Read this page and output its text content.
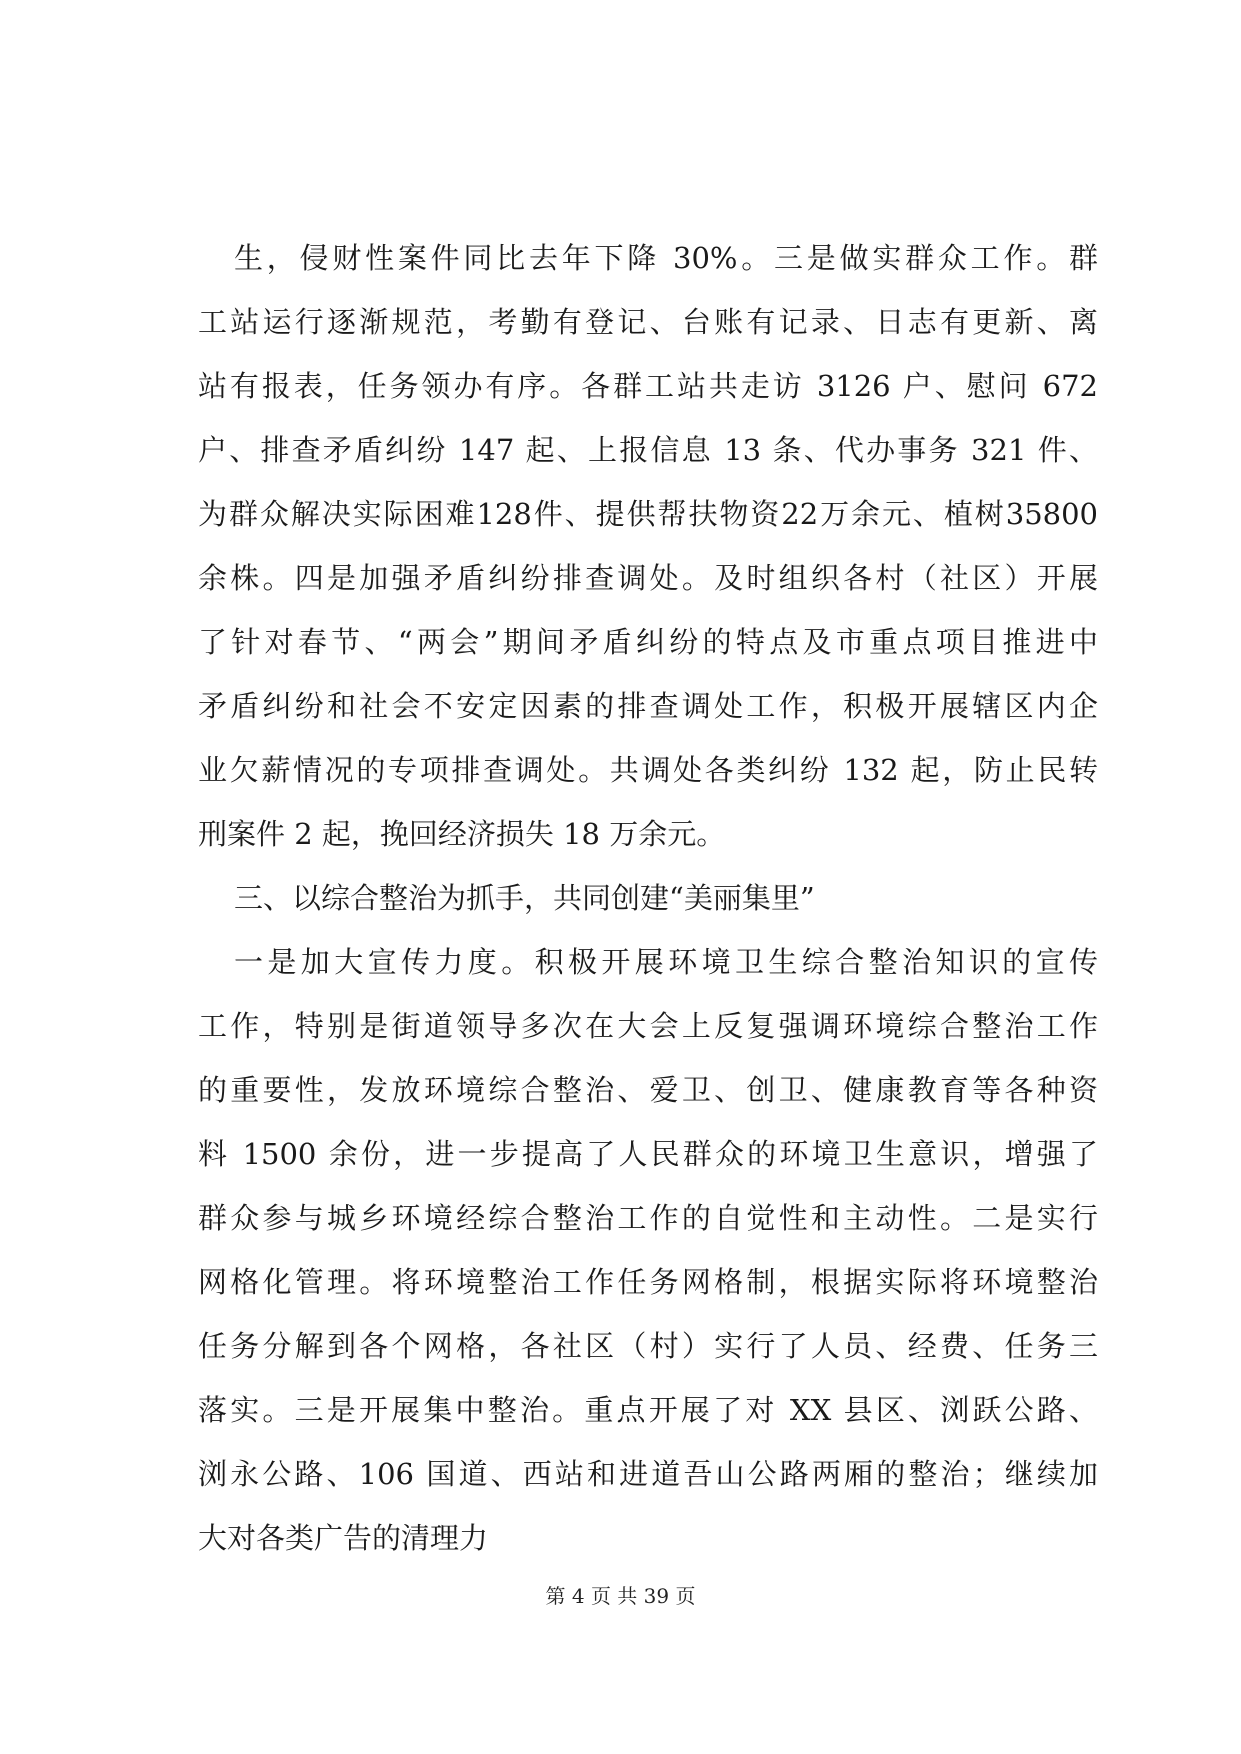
生，侵财性案件同比去年下降 30%。三是做实群众工作。群
工站运行逐渐规范，考勤有登记、台账有记录、日志有更新、离
站有报表，任务领办有序。各群工站共走访 3126 户、慰问 672
户、排查矛盾纠纷 147 起、上报信息 13 条、代办事务 321 件、
为群众解决实际困难128件、提供帮扶物资22万余元、植树35800
余株。四是加强矛盾纠纷排查调处。及时组织各村（社区）开展
了针对春节、“两会”期间矛盾纠纷的特点及市重点项目推进中
矛盾纠纷和社会不安定因素的排查调处工作，积极开展辖区内企
业欠薪情况的专项排查调处。共调处各类纠纷 132 起，防止民转
刑案件 2 起，挽回经济损失 18 万余元。
三、以综合整治为抓手，共同创建“美丽集里”
一是加大宣传力度。积极开展环境卫生综合整治知识的宣传
工作，特别是街道领导多次在大会上反复强调环境综合整治工作
的重要性，发放环境综合整治、爱卫、创卫、健康教育等各种资
料 1500 余份，进一步提高了人民群众的环境卫生意识，增强了
群众参与城乡环境经综合整治工作的自觉性和主动性。二是实行
网格化管理。将环境整治工作任务网格制，根据实际将环境整治
任务分解到各个网格，各社区（村）实行了人员、经费、任务三
落实。三是开展集中整治。重点开展了对 XX 县区、浏跃公路、
浏永公路、106 国道、西站和进道吾山公路两厢的整治；继续加
大对各类广告的清理力
第 4 页 共 39 页
